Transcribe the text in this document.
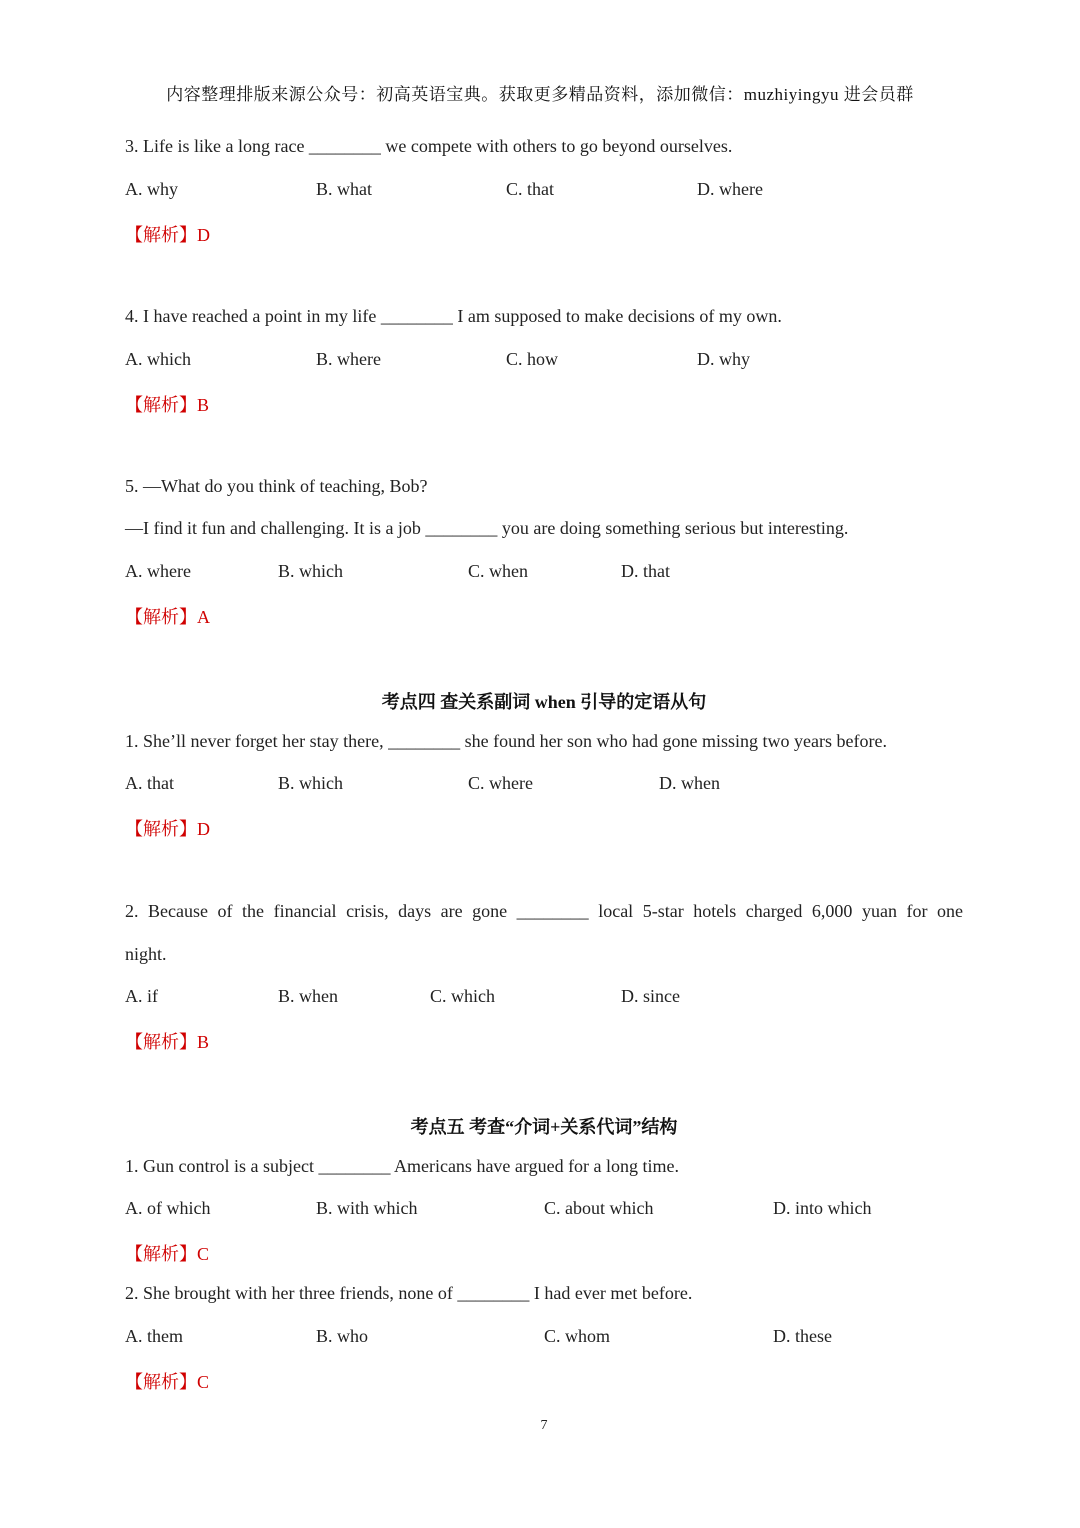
内容整理排版来源公众号：初高英语宝典。获取更多精品资料，添加微信：muzhiyingyu 进会员群
3. Life is like a long race ________ we compete with others to go beyond ourselves.
A. why	B. what	C. that	D. where
【解析】D
4. I have reached a point in my life ________ I am supposed to make decisions of my own.
A. which	B. where	C. how	D. why
【解析】B
5. —What do you think of teaching, Bob?
—I find it fun and challenging. It is a job ________ you are doing something serious but interesting.
A. where	B. which	C. when	D. that
【解析】A
考点四 查关系副词 when 引导的定语从句
1. She’ll never forget her stay there, ________ she found her son who had gone missing two years before.
A. that	B. which	C. where	D. when
【解析】D
2. Because of the financial crisis, days are gone ________ local 5-star hotels charged 6,000 yuan for one
night.
A. if	B. when	C. which	D. since
【解析】B
考点五 考查“介词+关系代词”结构
1. Gun control is a subject ________ Americans have argued for a long time.
A. of which	B. with which	C. about which	D. into which
【解析】C
2. She brought with her three friends, none of ________ I had ever met before.
A. them	B. who	C. whom	D. these
【解析】C
7
